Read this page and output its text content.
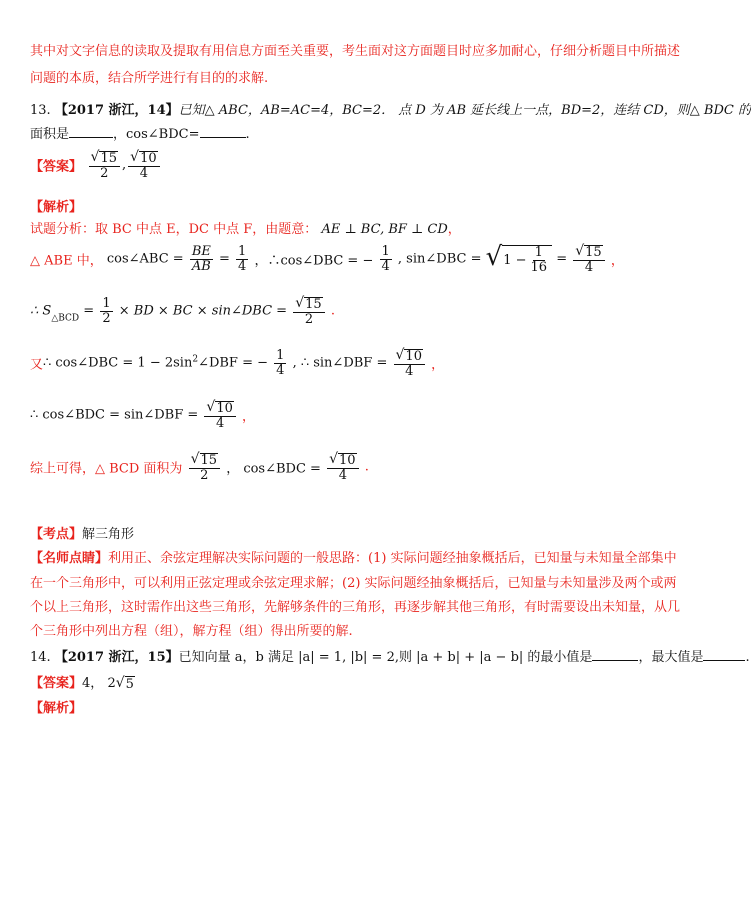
其中对文字信息的读取及提取有用信息方面至关重要，考生面对这方面题目时应多加耐心，仔细分析题目中所描述
问题的本质，结合所学进行有目的的求解.
13. 【2017 浙江，14】已知△ ABC，AB=AC=4，BC=2． 点 D 为 AB 延长线上一点，BD=2，连结 CD，则△ BDC 的
面积是	，cos∠BDC=	.
【答案】 $\frac{√ 15}{2}$ , $\frac{√ 10}{4}$
【解析】
试题分析：取 BC 中点 E，DC 中点 F，由题意： AE ⊥ BC, BF ⊥ CD，
△ ABE 中， cos∠ABC = $\frac{BE}{AB} = \frac{1}{4}$ ，∴cos∠DBC = − $\frac{1}{4}$ , sin∠DBC = √ $1 - \frac{1}{16} = \frac{√ 15}{4}$ ，
∴ $S_{\triangle BCD} = \frac{1}{2}$ × BD × BC × sin∠DBC = $\frac{√ 15}{2}$ .
又∴ cos∠DBC = $1 - 2\sin^2\angle DBF$ = − $\frac{1}{4}$ , ∴ sin∠DBF = $\frac{√ 10}{4}$ ，
∴ cos∠BDC = sin∠DBF = $\frac{√ 10}{4}$ ，
综上可得，△ BCD 面积为 $\frac{√ 15}{2}$ ， cos∠BDC = $\frac{√ 10}{4}$ .
【考点】解三角形
【名师点睛】利用正、余弦定理解决实际问题的一般思路：(1) 实际问题经抽象概括后，已知量与未知量全部集中
在一个三角形中，可以利用正弦定理或余弦定理求解；(2) 实际问题经抽象概括后，已知量与未知量涉及两个或两
个以上三角形，这时需作出这些三角形，先解够条件的三角形，再逐步解其他三角形，有时需要设出未知量，从几
个三角形中列出方程（组），解方程（组）得出所要的解.
14. 【2017 浙江，15】已知向量 a，b 满足 |a| = 1, |b| = 2,则 |a + b| + |a − b| 的最小值是	，最大值是	.
【答案】4， 2 √ 5
【解析】
